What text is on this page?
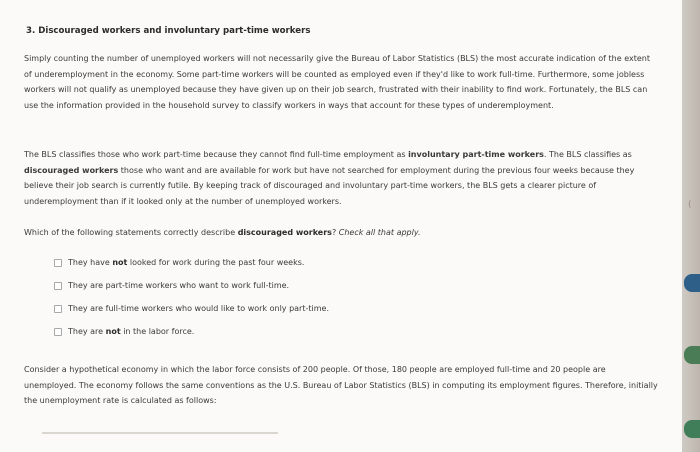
3. Discouraged workers and involuntary part-time workers

Simply counting the number of unemployed workers will not necessarily give the Bureau of Labor Statistics (BLS) the most accurate indication of the extent of underemployment in the economy. Some part-time workers will be counted as employed even if they'd like to work full-time. Furthermore, some jobless workers will not qualify as unemployed because they have given up on their job search, frustrated with their inability to find work. Fortunately, the BLS can use the information provided in the household survey to classify workers in ways that account for these types of underemployment.

The BLS classifies those who work part-time because they cannot find full-time employment as involuntary part-time workers. The BLS classifies as discouraged workers those who want and are available for work but have not searched for employment during the previous four weeks because they believe their job search is currently futile. By keeping track of discouraged and involuntary part-time workers, the BLS gets a clearer picture of underemployment than if it looked only at the number of unemployed workers.

Which of the following statements correctly describe discouraged workers? Check all that apply.
They have not looked for work during the past four weeks.
They are part-time workers who want to work full-time.
They are full-time workers who would like to work only part-time.
They are not in the labor force.

Consider a hypothetical economy in which the labor force consists of 200 people. Of those, 180 people are employed full-time and 20 people are unemployed. The economy follows the same conventions as the U.S. Bureau of Labor Statistics (BLS) in computing its employment figures. Therefore, initially the unemployment rate is calculated as follows:

(
